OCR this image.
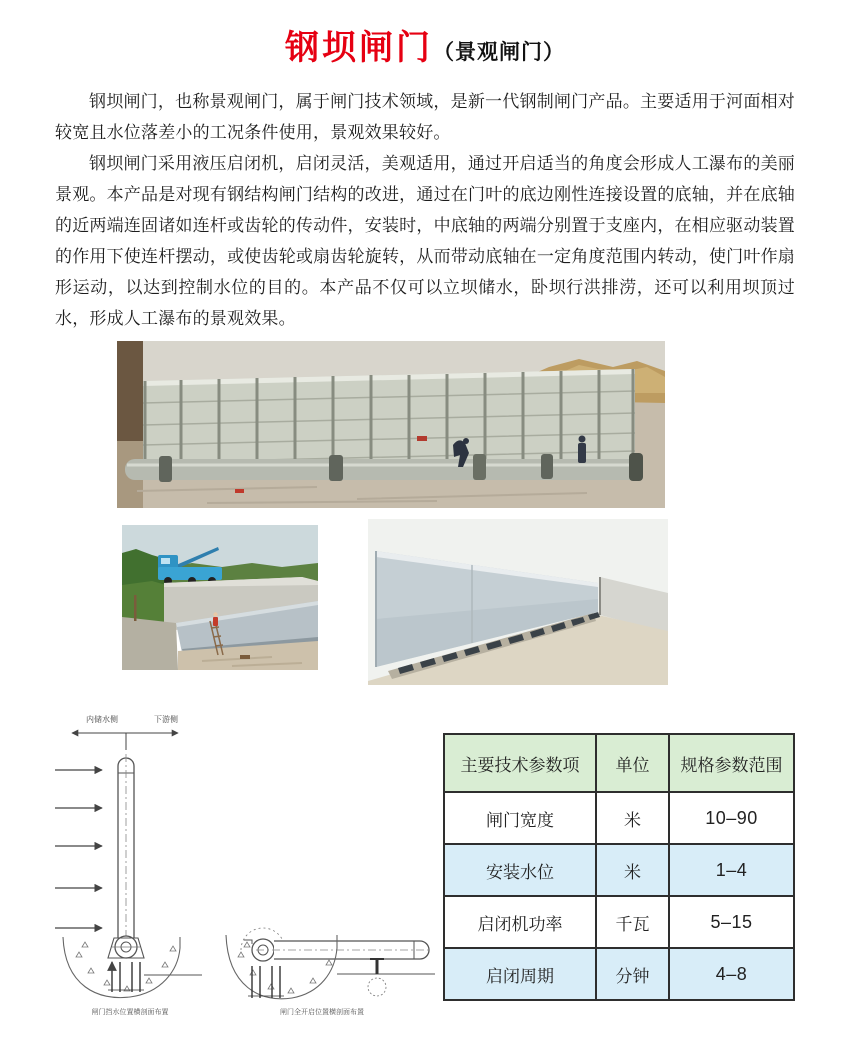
钢坝闸门（景观闸门）

钢坝闸门，也称景观闸门，属于闸门技术领域，是新一代钢制闸门产品。主要适用于河面相对较宽且水位落差小的工况条件使用，景观效果较好。

钢坝闸门采用液压启闭机，启闭灵活，美观适用，通过开启适当的角度会形成人工瀑布的美丽景观。本产品是对现有钢结构闸门结构的改进，通过在门叶的底边刚性连接设置的底轴，并在底轴的近两端连固诸如连杆或齿轮的传动件，安装时，中底轴的两端分别置于支座内，在相应驱动装置的作用下使连杆摆动，或使齿轮或扇齿轮旋转，从而带动底轴在一定角度范围内转动，使门叶作扇形运动，以达到控制水位的目的。本产品不仅可以立坝储水，卧坝行洪排涝，还可以利用坝顶过水，形成人工瀑布的景观效果。

内储水侧	下游侧
闸门挡水位置横剖面布置	闸门全开启位置横剖面布置
主要技术参数项	单位	规格参数范围
闸门宽度	米	10–90
安装水位	米	1–4
启闭机功率	千瓦	5–15
启闭周期	分钟	4–8
